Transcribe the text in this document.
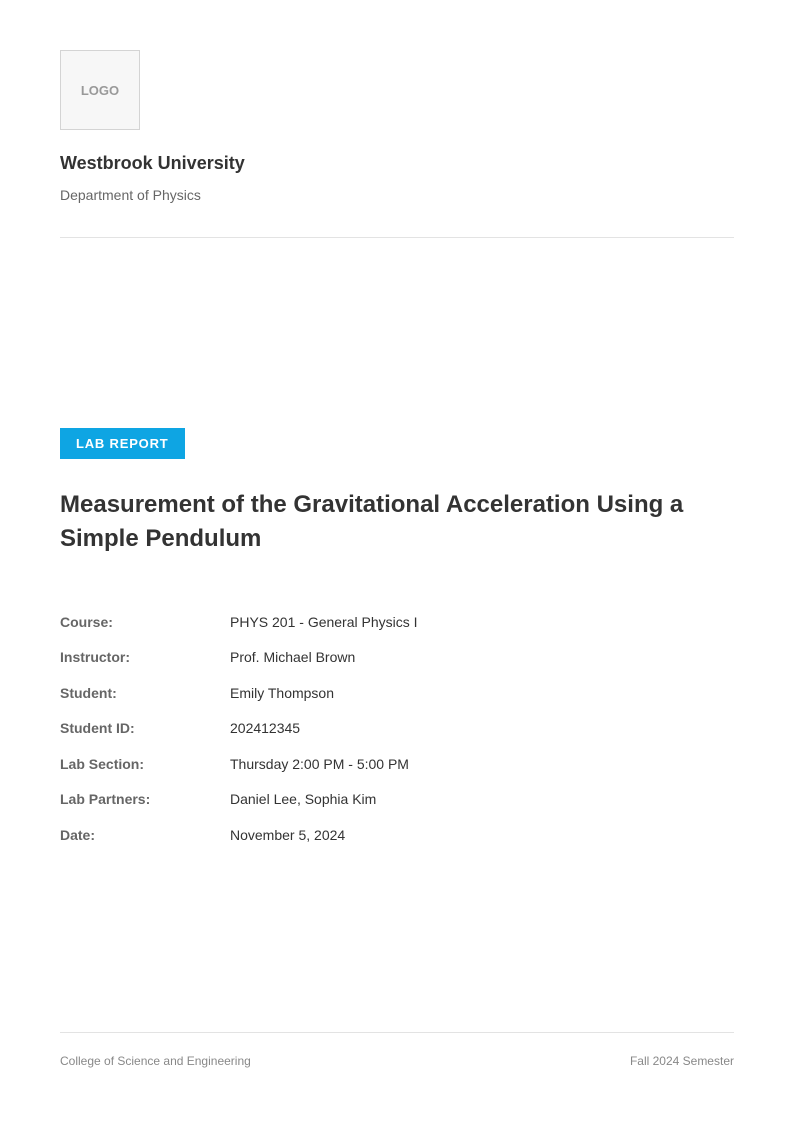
LOGO
Westbrook University
Department of Physics
LAB REPORT
Measurement of the Gravitational Acceleration Using a Simple Pendulum
Course:	PHYS 201 - General Physics I
Instructor:	Prof. Michael Brown
Student:	Emily Thompson
Student ID:	202412345
Lab Section:	Thursday 2:00 PM - 5:00 PM
Lab Partners:	Daniel Lee, Sophia Kim
Date:	November 5, 2024
College of Science and Engineering	Fall 2024 Semester
